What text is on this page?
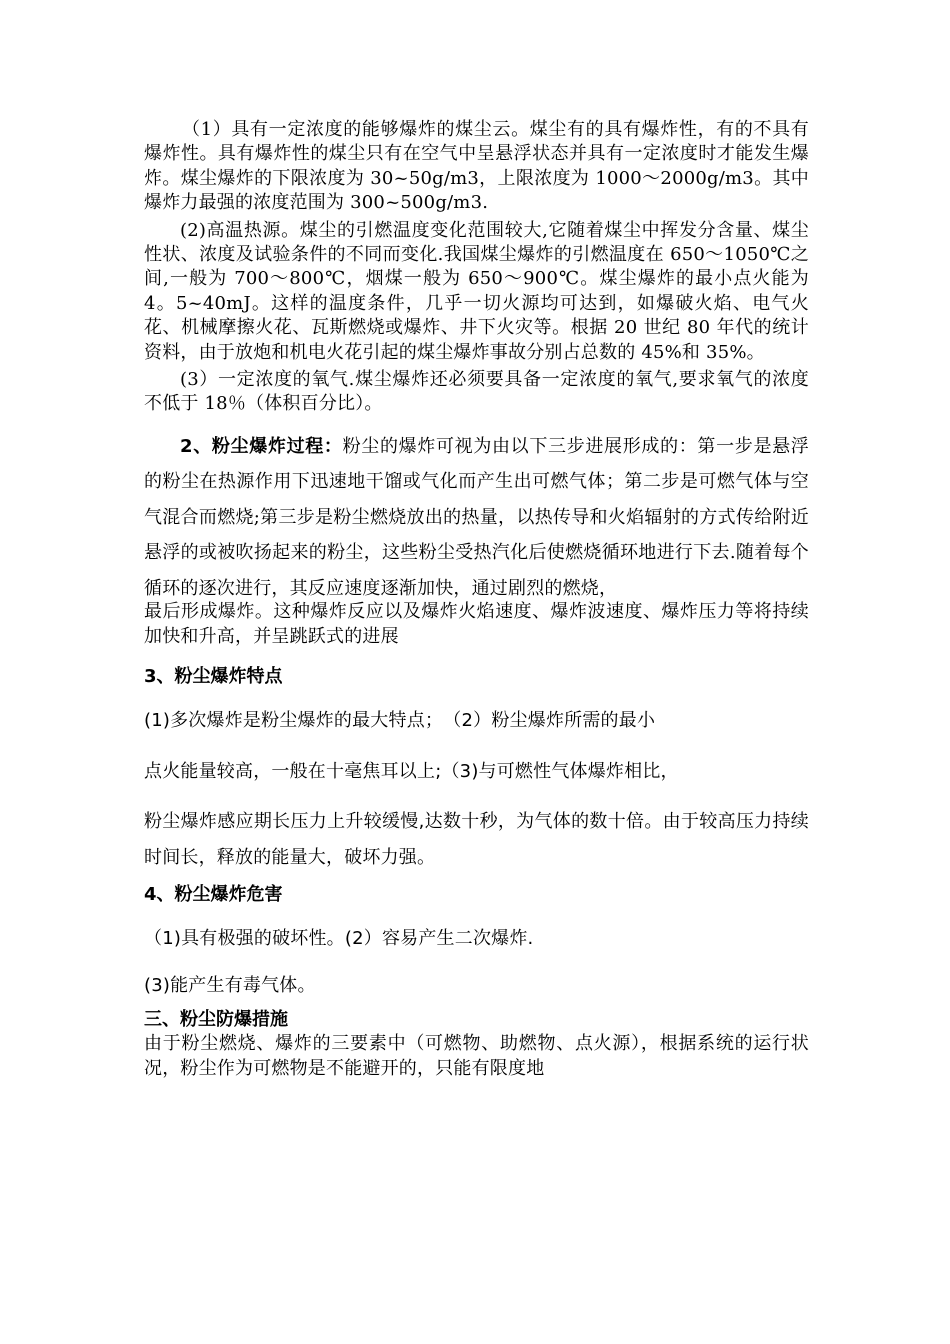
（1）具有一定浓度的能够爆炸的煤尘云。煤尘有的具有爆炸性，有的不具有爆炸性。具有爆炸性的煤尘只有在空气中呈悬浮状态并具有一定浓度时才能发生爆炸。煤尘爆炸的下限浓度为 30~50g/m3，上限浓度为 1000～2000g/m3。其中爆炸力最强的浓度范围为 300~500g/m3.

(2)高温热源。煤尘的引燃温度变化范围较大,它随着煤尘中挥发分含量、煤尘性状、浓度及试验条件的不同而变化.我国煤尘爆炸的引燃温度在 650～1050℃之间,一般为 700～800℃，烟煤一般为 650～900℃。煤尘爆炸的最小点火能为 4。5~40mJ。这样的温度条件，几乎一切火源均可达到，如爆破火焰、电气火花、机械摩擦火花、瓦斯燃烧或爆炸、井下火灾等。根据 20 世纪 80 年代的统计资料，由于放炮和机电火花引起的煤尘爆炸事故分别占总数的 45%和 35%。

(3）一定浓度的氧气.煤尘爆炸还必须要具备一定浓度的氧气,要求氧气的浓度不低于 18％（体积百分比）。

2、粉尘爆炸过程：粉尘的爆炸可视为由以下三步进展形成的：第一步是悬浮的粉尘在热源作用下迅速地干馏或气化而产生出可燃气体；第二步是可燃气体与空气混合而燃烧;第三步是粉尘燃烧放出的热量，以热传导和火焰辐射的方式传给附近悬浮的或被吹扬起来的粉尘，这些粉尘受热汽化后使燃烧循环地进行下去.随着每个循环的逐次进行，其反应速度逐渐加快，通过剧烈的燃烧，

最后形成爆炸。这种爆炸反应以及爆炸火焰速度、爆炸波速度、爆炸压力等将持续加快和升高，并呈跳跃式的进展

3、粉尘爆炸特点

(1)多次爆炸是粉尘爆炸的最大特点；　（2）粉尘爆炸所需的最小

点火能量较高，一般在十毫焦耳以上;（3)与可燃性气体爆炸相比，

粉尘爆炸感应期长压力上升较缓慢,达数十秒，为气体的数十倍。由于较高压力持续时间长，释放的能量大，破坏力强。

4、粉尘爆炸危害

（1)具有极强的破坏性。(2）容易产生二次爆炸.

(3)能产生有毒气体。

三、粉尘防爆措施

由于粉尘燃烧、爆炸的三要素中（可燃物、助燃物、点火源），根据系统的运行状况，粉尘作为可燃物是不能避开的，只能有限度地
